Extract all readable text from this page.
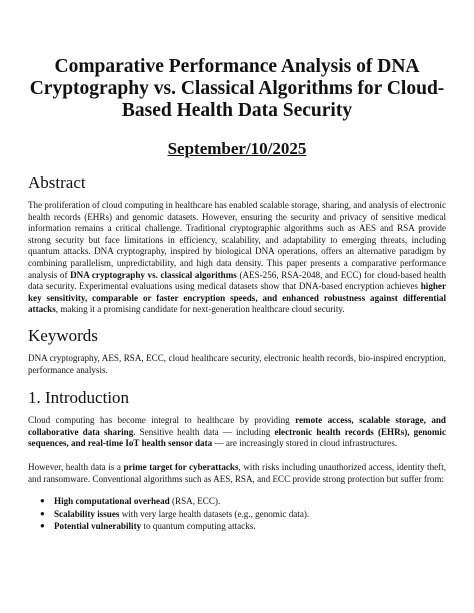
Comparative Performance Analysis of DNA Cryptography vs. Classical Algorithms for Cloud-Based Health Data Security
September/10/2025
Abstract

The proliferation of cloud computing in healthcare has enabled scalable storage, sharing, and analysis of electronic health records (EHRs) and genomic datasets. However, ensuring the security and privacy of sensitive medical information remains a critical challenge. Traditional cryptographic algorithms such as AES and RSA provide strong security but face limitations in efficiency, scalability, and adaptability to emerging threats, including quantum attacks. DNA cryptography, inspired by biological DNA operations, offers an alternative paradigm by combining parallelism, unpredictability, and high data density. This paper presents a comparative performance analysis of DNA cryptography vs. classical algorithms (AES-256, RSA-2048, and ECC) for cloud-based health data security. Experimental evaluations using medical datasets show that DNA-based encryption achieves higher key sensitivity, comparable or faster encryption speeds, and enhanced robustness against differential attacks, making it a promising candidate for next-generation healthcare cloud security.

Keywords

DNA cryptography, AES, RSA, ECC, cloud healthcare security, electronic health records, bio-inspired encryption, performance analysis.

1. Introduction

Cloud computing has become integral to healthcare by providing remote access, scalable storage, and collaborative data sharing. Sensitive health data — including electronic health records (EHRs), genomic sequences, and real-time IoT health sensor data — are increasingly stored in cloud infrastructures.

However, health data is a prime target for cyberattacks, with risks including unauthorized access, identity theft, and ransomware. Conventional algorithms such as AES, RSA, and ECC provide strong protection but suffer from:

● High computational overhead (RSA, ECC).
● Scalability issues with very large health datasets (e.g., genomic data).
● Potential vulnerability to quantum computing attacks.
